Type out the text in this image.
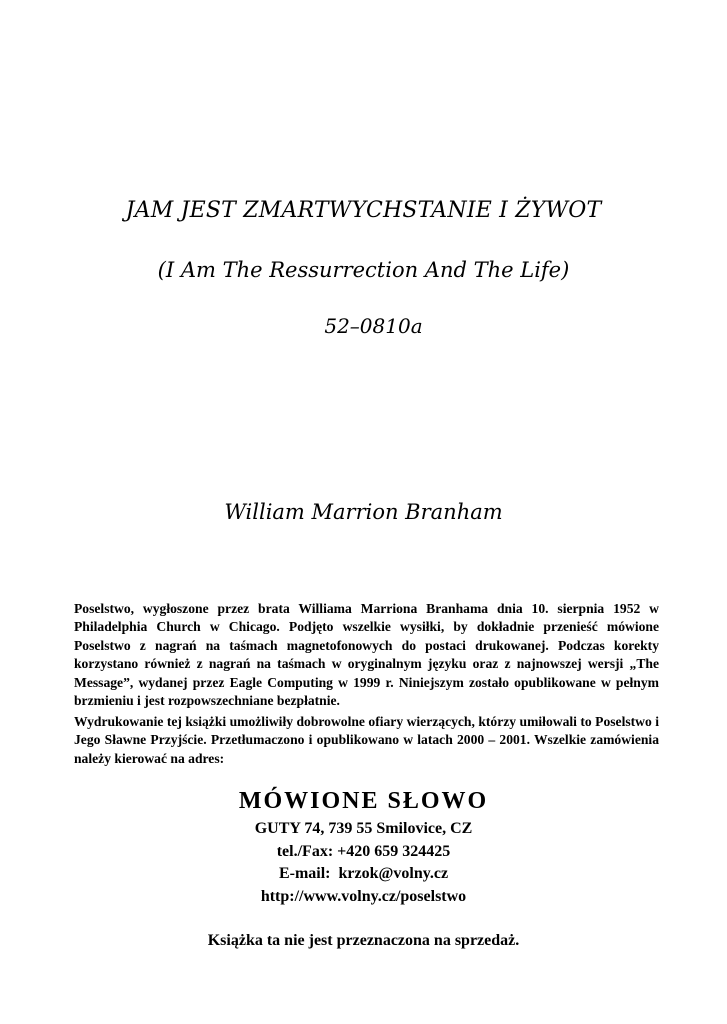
JAM JEST ZMARTWYCHSTANIE I ŻYWOT
(I Am The Ressurrection And The Life)
52–0810a
William Marrion Branham

Poselstwo, wygłoszone przez brata Williama Marriona Branhama dnia 10. sierpnia 1952 w Philadelphia Church w Chicago. Podjęto wszelkie wysiłki, by dokładnie przenieść mówione Poselstwo z nagrań na taśmach magnetofonowych do postaci drukowanej. Podczas korekty korzystano również z nagrań na taśmach w oryginalnym języku oraz z najnowszej wersji „The Message”, wydanej przez Eagle Computing w 1999 r. Niniejszym zostało opublikowane w pełnym brzmieniu i jest rozpowszechniane bezpłatnie.

Wydrukowanie tej książki umożliwiły dobrowolne ofiary wierzących, którzy umiłowali to Poselstwo i Jego Sławne Przyjście. Przetłumaczono i opublikowano w latach 2000 – 2001. Wszelkie zamówienia należy kierować na adres:

MÓWIONE SŁOWO
GUTY 74, 739 55 Smilovice, CZ
tel./Fax: +420 659 324425
E-mail:  krzok@volny.cz
http://www.volny.cz/poselstwo
Książka ta nie jest przeznaczona na sprzedaż.
